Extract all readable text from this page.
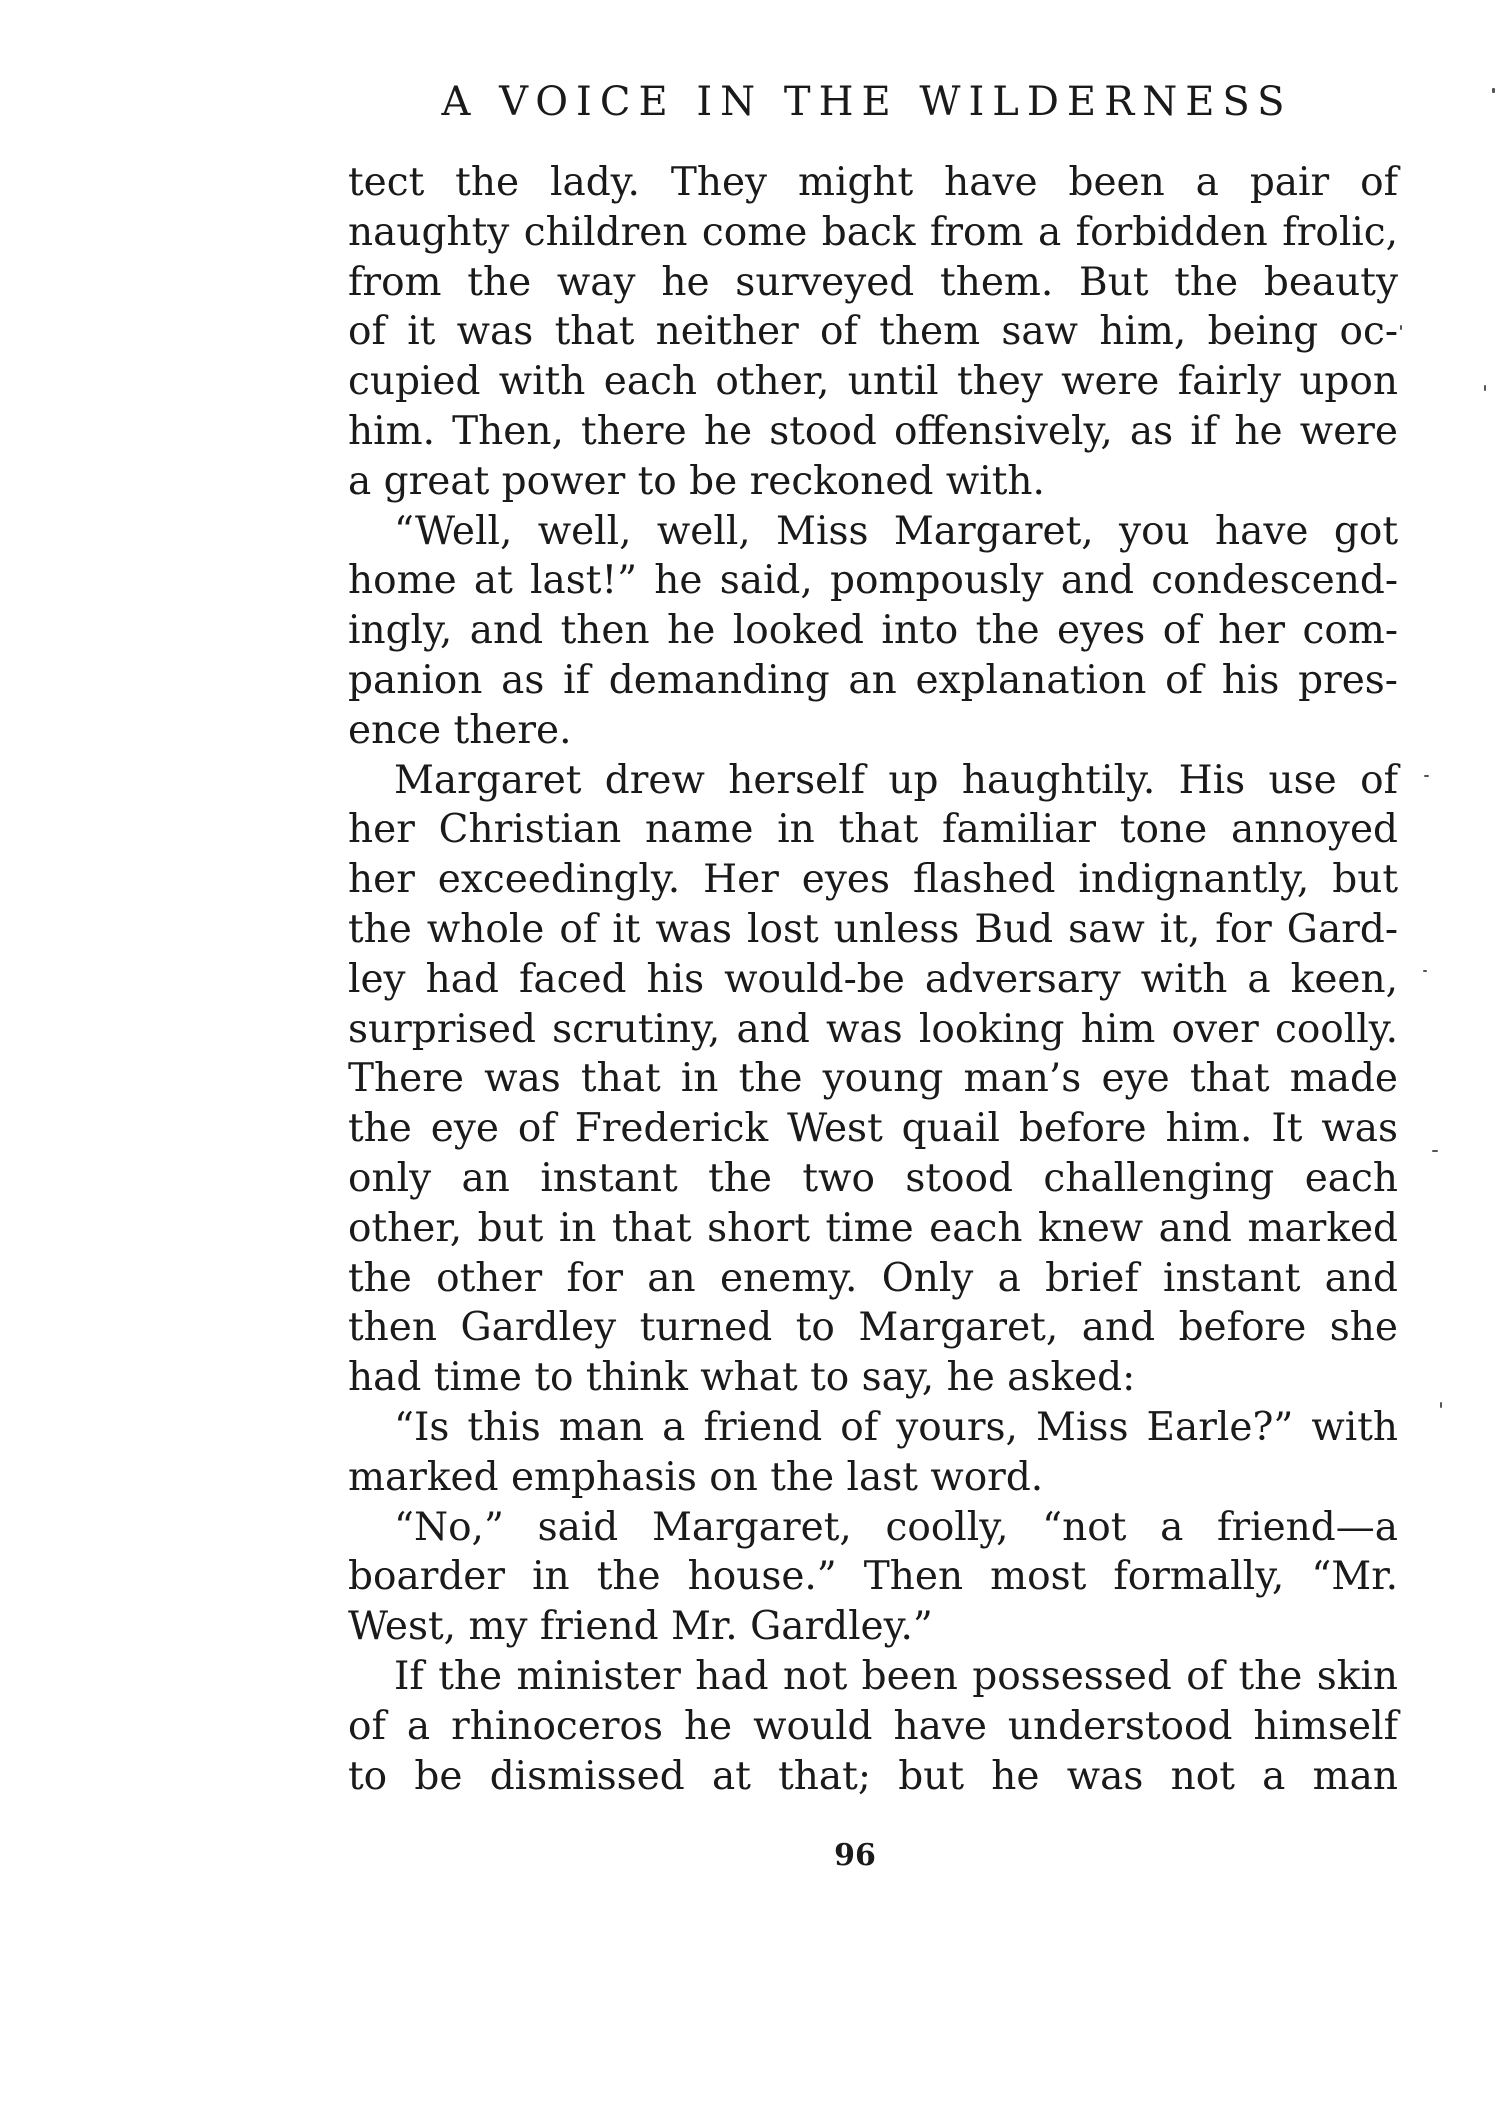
A VOICE IN THE WILDERNESS

tect the lady. They might have been a pair of
naughty children come back from a forbidden frolic,
from the way he surveyed them. But the beauty
of it was that neither of them saw him, being oc-
cupied with each other, until they were fairly upon
him. Then, there he stood offensively, as if he were
a great power to be reckoned with.

“Well, well, well, Miss Margaret, you have got
home at last!” he said, pompously and condescend-
ingly, and then he looked into the eyes of her com-
panion as if demanding an explanation of his pres-
ence there.

Margaret drew herself up haughtily. His use of
her Christian name in that familiar tone annoyed
her exceedingly. Her eyes flashed indignantly, but
the whole of it was lost unless Bud saw it, for Gard-
ley had faced his would-be adversary with a keen,
surprised scrutiny, and was looking him over coolly.
There was that in the young man’s eye that made
the eye of Frederick West quail before him. It was
only an instant the two stood challenging each
other, but in that short time each knew and marked
the other for an enemy. Only a brief instant and
then Gardley turned to Margaret, and before she
had time to think what to say, he asked:

“Is this man a friend of yours, Miss Earle?” with
marked emphasis on the last word.

“No,” said Margaret, coolly, “not a friend—a
boarder in the house.” Then most formally, “Mr.
West, my friend Mr. Gardley.”

If the minister had not been possessed of the skin
of a rhinoceros he would have understood himself
to be dismissed at that; but he was not a man

96
